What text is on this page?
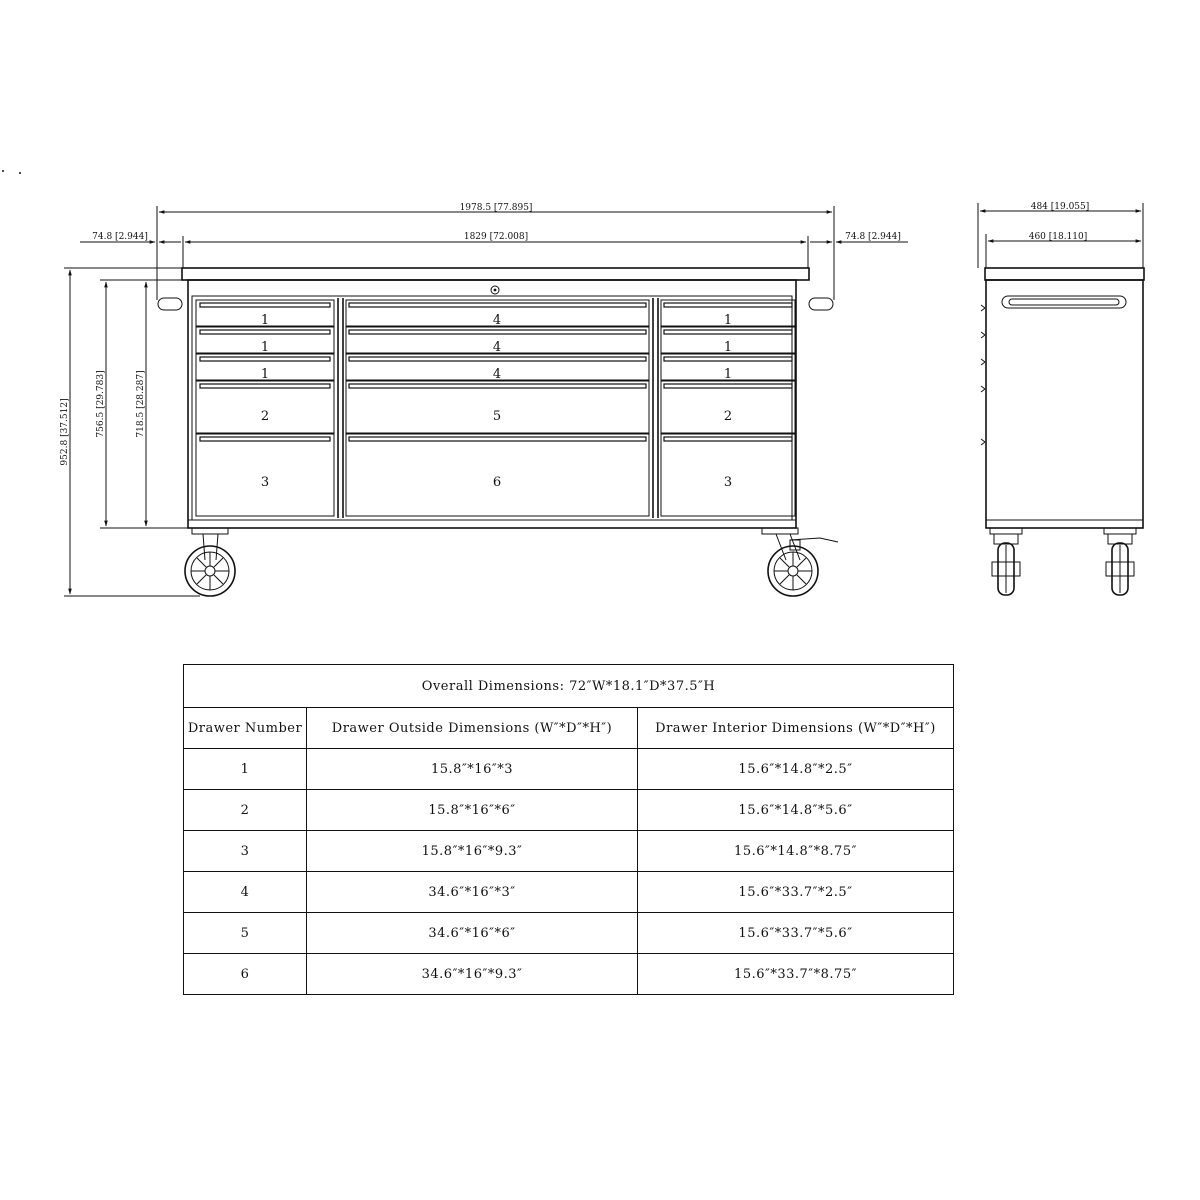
1978.5 [77.895]
1829 [72.008]
74.8 [2.944]	74.8 [2.944]
952.8 [37.512]	756.5 [29.783]	718.5 [28.287]
1
1
1
2
3
4
4
4
5
6
1
1
1
2
3
484 [19.055]
460 [18.110]
Overall Dimensions: 72″W*18.1″D*37.5″H		
Drawer Number	Drawer Outside Dimensions (W″*D″*H″)	Drawer Interior Dimensions (W″*D″*H″)
1	15.8″*16″*3	15.6″*14.8″*2.5″
2	15.8″*16″*6″	15.6″*14.8″*5.6″
3	15.8″*16″*9.3″	15.6″*14.8″*8.75″
4	34.6″*16″*3″	15.6″*33.7″*2.5″
5	34.6″*16″*6″	15.6″*33.7″*5.6″
6	34.6″*16″*9.3″	15.6″*33.7″*8.75″
